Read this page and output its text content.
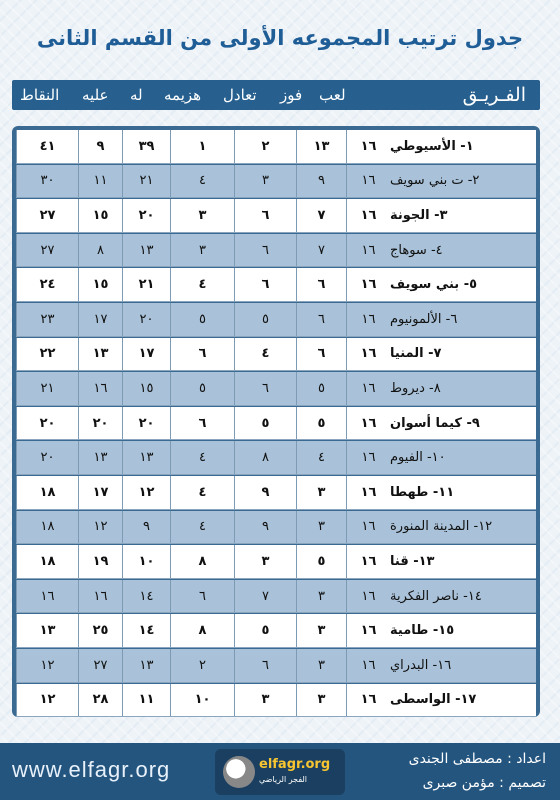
جدول ترتيب المجموعه الأولى من القسم الثانى
الفـريـق
النقاط عليه له هزيمه تعادل فوز لعب
٤١	٩	٣٩	١	٢	١٣	١٦	١- الأسيوطي
٣٠	١١	٢١	٤	٣	٩	١٦	٢- ت بني سويف
٢٧	١٥	٢٠	٣	٦	٧	١٦	٣- الجونة
٢٧	٨	١٣	٣	٦	٧	١٦	٤- سوهاج
٢٤	١٥	٢١	٤	٦	٦	١٦	٥- بني سويف
٢٣	١٧	٢٠	٥	٥	٦	١٦	٦- الألمونيوم
٢٢	١٣	١٧	٦	٤	٦	١٦	٧- المنيا
٢١	١٦	١٥	٥	٦	٥	١٦	٨- ديروط
٢٠	٢٠	٢٠	٦	٥	٥	١٦	٩- كيما أسوان
٢٠	١٣	١٣	٤	٨	٤	١٦	١٠- الفيوم
١٨	١٧	١٢	٤	٩	٣	١٦	١١- طهطا
١٨	١٢	٩	٤	٩	٣	١٦	١٢- المدينة المنورة
١٨	١٩	١٠	٨	٣	٥	١٦	١٣- قنا
١٦	١٦	١٤	٦	٧	٣	١٦	١٤- ناصر الفكرية
١٣	٢٥	١٤	٨	٥	٣	١٦	١٥- طامية
١٢	٢٧	١٣	٢	٦	٣	١٦	١٦- البدراي
١٢	٢٨	١١	١٠	٣	٣	١٦	١٧- الواسطى
www.elfagr.org	elfagr.org
الفجر الرياضي
اعداد : مصطفى الجندى
تصميم : مؤمن صبرى
